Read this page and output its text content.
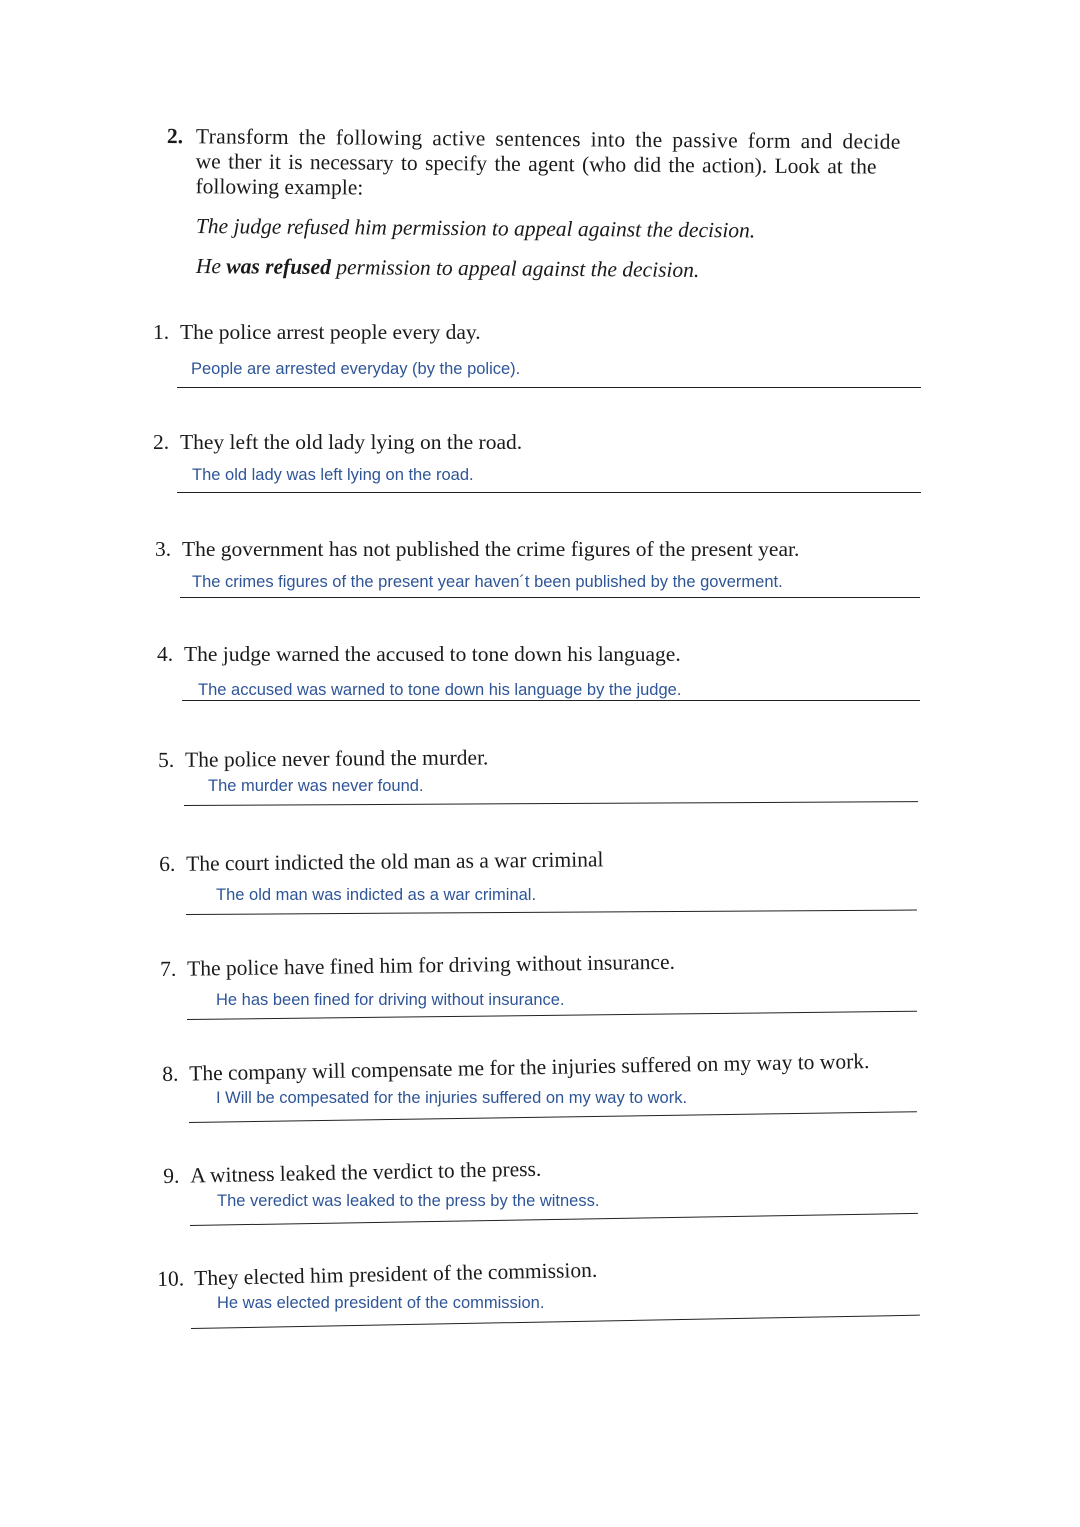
2. Transform the following active sentences into the passive form and decide
we ther it is necessary to specify the agent (who did the action). Look at the
following example:
The judge refused him permission to appeal against the decision.
He was refused permission to appeal against the decision.
1. The police arrest people every day.
People are arrested everyday (by the police).
2. They left the old lady lying on the road.
The old lady was left lying on the road.
3. The government has not published the crime figures of the present year.
The crimes figures of the present year haven´t been published by the goverment.
4. The judge warned the accused to tone down his language.
The accused was warned to tone down his language by the judge.
5. The police never found the murder.
The murder was never found.
6. The court indicted the old man as a war criminal
The old man was indicted as a war criminal.
7. The police have fined him for driving without insurance.
He has been fined for driving without insurance.
8. The company will compensate me for the injuries suffered on my way to work.
I Will be compesated for the injuries suffered on my way to work.
9. A witness leaked the verdict to the press.
The veredict was leaked to the press by the witness.
10. They elected him president of the commission.
He was elected president of the commission.
